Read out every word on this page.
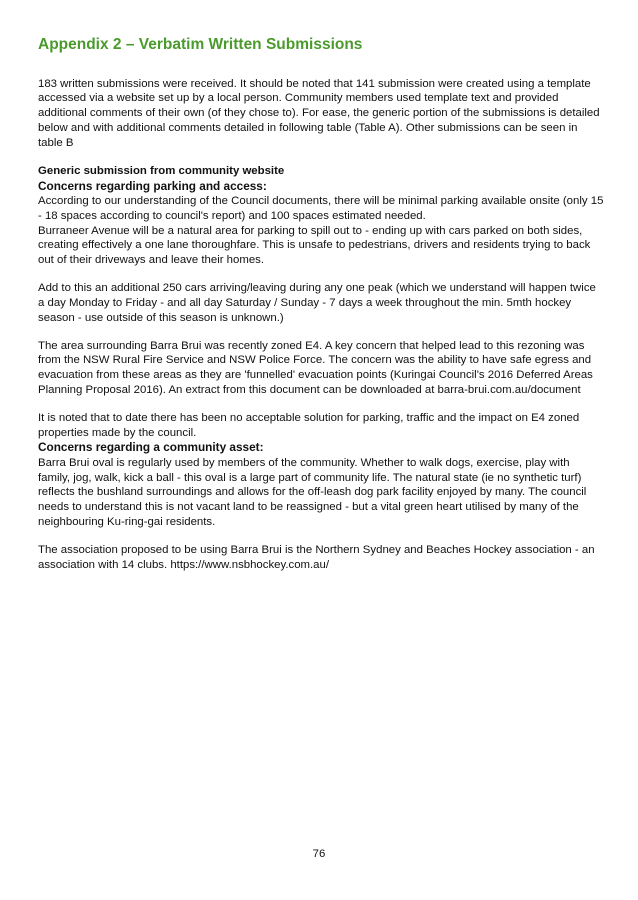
Appendix 2 – Verbatim Written Submissions

183 written submissions were received. It should be noted that 141 submission were created using a template accessed via a website set up by a local person. Community members used template text and provided additional comments of their own (of they chose to). For ease, the generic portion of the submissions is detailed below and with additional comments detailed in following table (Table A). Other submissions can be seen in table B

Generic submission from community website

Concerns regarding parking and access:

According to our understanding of the Council documents, there will be minimal parking available onsite (only 15 - 18 spaces according to council's report) and 100 spaces estimated needed.

Burraneer Avenue will be a natural area for parking to spill out to - ending up with cars parked on both sides, creating effectively a one lane thoroughfare. This is unsafe to pedestrians, drivers and residents trying to back out of their driveways and leave their homes.

Add to this an additional 250 cars arriving/leaving during any one peak (which we understand will happen twice a day Monday to Friday - and all day Saturday / Sunday - 7 days a week throughout the min. 5mth hockey season - use outside of this season is unknown.)

The area surrounding Barra Brui was recently zoned E4. A key concern that helped lead to this rezoning was from the NSW Rural Fire Service and NSW Police Force. The concern was the ability to have safe egress and evacuation from these areas as they are 'funnelled' evacuation points (Kuringai Council's 2016 Deferred Areas Planning Proposal 2016). An extract from this document can be downloaded at barra-brui.com.au/document

It is noted that to date there has been no acceptable solution for parking, traffic and the impact on E4 zoned properties made by the council.

Concerns regarding a community asset:

Barra Brui oval is regularly used by members of the community. Whether to walk dogs, exercise, play with family, jog, walk, kick a ball - this oval is a large part of community life. The natural state (ie no synthetic turf) reflects the bushland surroundings and allows for the off-leash dog park facility enjoyed by many. The council needs to understand this is not vacant land to be reassigned - but a vital green heart utilised by many of the neighbouring Ku-ring-gai residents.

The association proposed to be using Barra Brui is the Northern Sydney and Beaches Hockey association - an association with 14 clubs. https://www.nsbhockey.com.au/

76
